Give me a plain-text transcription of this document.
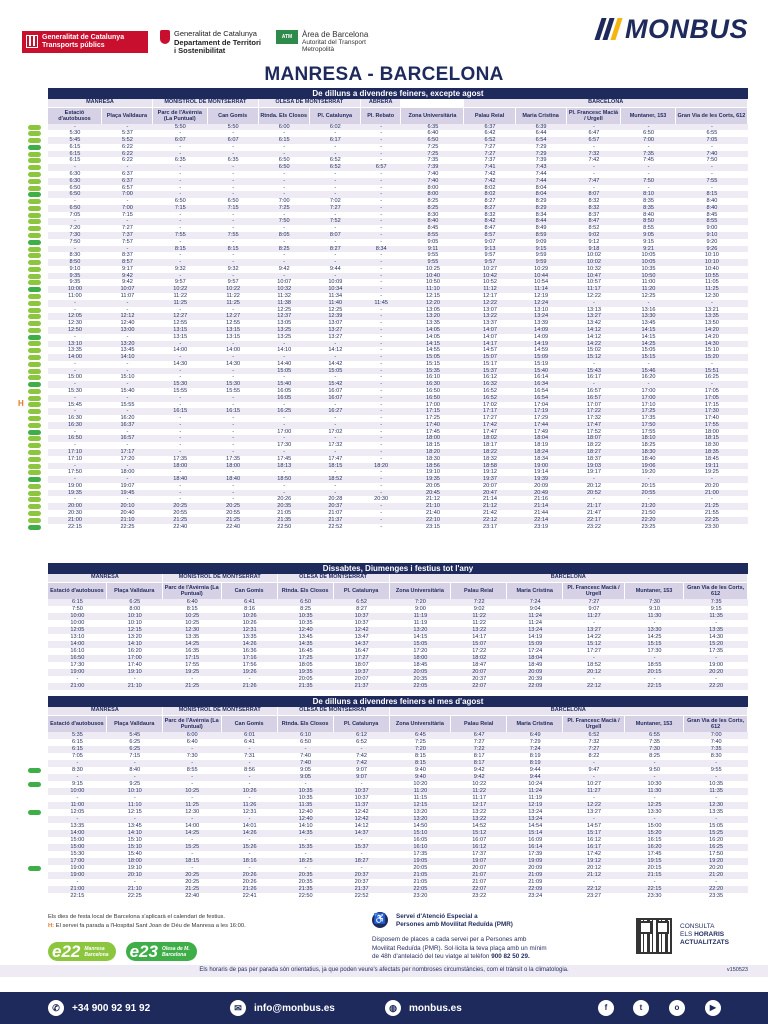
Generalitat de Catalunya
Transports públics
Generalitat de Catalunya
Departament de Territori
i Sostenibilitat
ATM	Àrea de Barcelona
Autoritat del Transport
Metropolità
MONBUS
MANRESA - BARCELONA
De dilluns a divendres feiners, excepte agost
MANRESA	MONISTROL DE MONTSERRAT	OLESA DE MONTSERRAT	ABRERA	BARCELONA
Estació d'autobusos	Plaça Valldaura	Parc de l'Avèrnia (La Puntual)	Can Gomis	Rtnda. Els Closos	Pl. Catalunya	Pl. Rebato	Zona Universitària	Palau Reial	Maria Cristina	Pl. Francesc Macià / Urgell	Muntaner, 153	Gran Via de les Corts, 612
-	-	5:50	5:50	6:00	6:02	-	6:35	6:37	6:39	-	-	-
5:30	5:37	-	-	-	-	-	6:40	6:42	6:44	6:47	6:50	6:55
5:45	5:52	6:07	6:07	6:15	6:17	-	6:50	6:52	6:54	6:57	7:00	7:05
6:15	6:22	-	-	-	-	-	7:25	7:27	7:29	-	-	-
6:15	6:22	-	-	-	-	-	7:25	7:27	7:29	7:32	7:35	7:40
6:15	6:22	6:35	6:35	6:50	6:52	-	7:35	7:37	7:39	7:42	7:45	7:50
-	-	-	-	6:50	6:52	6:57	7:39	7:41	7:43	-	-	-
6:30	6:37	-	-	-	-	-	7:40	7:42	7:44	-	-	-
6:30	6:37	-	-	-	-	-	7:40	7:42	7:44	7:47	7:50	7:55
6:50	6:57	-	-	-	-	-	8:00	8:02	8:04	-	-	-
6:50	7:00	-	-	-	-	-	8:00	8:02	8:04	8:07	8:10	8:15
-	-	6:50	6:50	7:00	7:02	-	8:25	8:27	8:29	8:32	8:35	8:40
6:50	7:00	7:15	7:15	7:25	7:27	-	8:25	8:27	8:29	8:32	8:35	8:40
7:05	7:15	-	-	-	-	-	8:30	8:32	8:34	8:37	8:40	8:45
-	-	-	-	7:50	7:52	-	8:40	8:42	8:44	8:47	8:50	8:55
7:20	7:27	-	-	-	-	-	8:45	8:47	8:49	8:52	8:55	9:00
7:30	7:37	7:55	7:55	8:05	8:07	-	8:55	8:57	8:59	9:02	9:05	9:10
7:50	7:57	-	-	-	-	-	9:05	9:07	9:09	9:12	9:15	9:20
-	-	8:15	8:15	8:25	8:27	8:34	9:11	9:13	9:15	9:18	9:21	9:26
8:30	8:37	-	-	-	-	-	9:55	9:57	9:59	10:02	10:05	10:10
8:50	8:57	-	-	-	-	-	9:55	9:57	9:59	10:02	10:05	10:10
9:10	9:17	9:32	9:32	9:42	9:44	-	10:25	10:27	10:29	10:32	10:35	10:40
9:35	9:42	-	-	-	-	-	10:40	10:42	10:44	10:47	10:50	10:55
9:35	9:42	9:57	9:57	10:07	10:09	-	10:50	10:52	10:54	10:57	11:00	11:05
10:00	10:07	10:22	10:22	10:32	10:34	-	11:10	11:12	11:14	11:17	11:20	11:25
11:00	11:07	11:22	11:22	11:32	11:34	-	12:15	12:17	12:19	12:22	12:25	12:30
-	-	11:25	11:25	11:38	11:40	11:45	12:20	12:22	12:24	-	-	-
-	-	-	-	12:25	12:25	-	13:05	13:07	13:10	13:13	13:16	13:21
12:05	12:12	12:27	12:27	12:37	12:39	-	13:20	13:22	13:24	13:27	13:30	13:35
12:30	12:40	12:55	12:55	13:05	13:07	-	13:35	13:37	13:39	13:42	13:45	13:50
12:50	13:00	13:15	13:15	13:25	13:27	-	14:05	14:07	14:09	14:12	14:15	14:20
-	-	13:15	13:15	13:25	13:27	-	14:05	14:07	14:09	14:12	14:15	14:20
13:10	13:20	-	-	-	-	-	14:15	14:17	14:19	14:22	14:25	14:30
13:35	13:45	14:00	14:00	14:10	14:12	-	14:55	14:57	14:59	15:02	15:05	15:10
14:00	14:10	-	-	-	-	-	15:05	15:07	15:09	15:12	15:15	15:20
-	-	14:30	14:30	14:40	14:42	-	15:15	15:17	15:19	-	-	-
-	-	-	-	15:05	15:05	-	15:35	15:37	15:40	15:43	15:46	15:51
15:00	15:10	-	-	-	-	-	16:10	16:12	16:14	16:17	16:20	16:25
-	-	15:30	15:30	15:40	15:42	-	16:30	16:32	16:34	-	-	-
15:30	15:40	15:55	15:55	16:05	16:07	-	16:50	16:52	16:54	16:57	17:00	17:05
-	-	-	-	16:05	16:07	-	16:50	16:52	16:54	16:57	17:00	17:05
15:45	15:55	-	-	-	-	-	17:00	17:02	17:04	17:07	17:10	17:15
-	-	16:15	16:15	16:25	16:27	-	17:15	17:17	17:19	17:22	17:25	17:30
16:30	16:20	-	-	-	-	-	17:25	17:27	17:29	17:32	17:35	17:40
16:30	16:37	-	-	-	-	-	17:40	17:42	17:44	17:47	17:50	17:55
-	-	-	-	17:00	17:02	-	17:45	17:47	17:49	17:52	17:55	18:00
16:50	16:57	-	-	-	-	-	18:00	18:02	18:04	18:07	18:10	18:15
-	-	-	-	17:30	17:32	-	18:15	18:17	18:19	18:22	18:25	18:30
17:10	17:17	-	-	-	-	-	18:20	18:22	18:24	18:27	18:30	18:35
17:10	17:20	17:35	17:35	17:45	17:47	-	18:30	18:32	18:34	18:37	18:40	18:45
-	-	18:00	18:00	18:13	18:15	18:20	18:56	18:58	19:00	19:03	19:06	19:11
17:50	18:00	-	-	-	-	-	19:10	19:12	19:14	19:17	19:20	19:25
-	-	18:40	18:40	18:50	18:52	-	19:35	19:37	19:39	-	-	-
19:00	19:07	-	-	-	-	-	20:05	20:07	20:09	20:12	20:15	20:20
19:35	19:45	-	-	-	-	-	20:45	20:47	20:49	20:52	20:55	21:00
-	-	-	-	20:26	20:28	20:30	21:12	21:14	21:16	-	-	-
20:00	20:10	20:25	20:25	20:35	20:37	-	21:10	21:12	21:14	21:17	21:20	21:25
20:30	20:40	20:55	20:55	21:05	21:07	-	21:40	21:42	21:44	21:47	21:50	21:55
21:00	21:10	21:25	21:25	21:35	21:37	-	22:10	22:12	22:14	22:17	22:20	22:25
22:15	22:25	22:40	22:40	22:50	22:52	-	23:15	23:17	23:19	23:22	23:25	23:30
Dissabtes, Diumenges i festius tot l'any
MANRESA	MONISTROL DE MONTSERRAT	OLESA DE MONTSERRAT	BARCELONA
Estació d'autobusos	Plaça Valldaura	Parc de l'Avèrnia (La Puntual)	Can Gomis	Rtnda. Els Closos	Pl. Catalunya	Zona Universitària	Palau Reial	Maria Cristina	Pl. Francesc Macià / Urgell	Muntaner, 153	Gran Via de les Corts, 612
6:15	6:25	6:40	6:41	6:50	6:52	7:20	7:22	7:24	7:27	7:30	7:35
7:50	8:00	8:15	8:16	8:25	8:27	9:00	9:02	9:04	9:07	9:10	9:15
10:00	10:10	10:25	10:26	10:35	10:37	11:19	11:22	11:24	11:27	11:30	11:35
10:00	10:10	10:25	10:26	10:35	10:37	11:19	11:22	11:24	-	-	-
12:05	12:15	12:30	12:31	12:40	12:42	13:20	13:22	13:24	13:27	13:30	13:35
13:10	13:20	13:35	13:35	13:45	13:47	14:15	14:17	14:19	14:22	14:25	14:30
14:00	14:10	14:25	14:26	14:35	14:37	15:05	15:07	15:09	15:12	15:15	15:20
16:10	16:20	16:35	16:36	16:45	16:47	17:20	17:22	17:24	17:27	17:30	17:35
16:50	17:00	17:15	17:16	17:25	17:27	18:00	18:02	18:04	-	-	-
17:30	17:40	17:55	17:56	18:05	18:07	18:45	18:47	18:49	18:52	18:55	19:00
19:00	19:10	19:25	19:26	19:35	19:37	20:05	20:07	20:09	20:12	20:15	20:20
-	-	-	-	20:05	20:07	20:35	20:37	20:39	-	-	-
21:00	21:10	21:25	21:26	21:35	21:37	22:05	22:07	22:09	22:12	22:15	22:20
De dilluns a divendres feiners el mes d'agost
MANRESA	MONISTROL DE MONTSERRAT	OLESA DE MONTSERRAT	BARCELONA
Estació d'autobusos	Plaça Valldaura	Parc de l'Avèrnia (La Puntual)	Can Gomis	Rtnda. Els Closos	Pl. Catalunya	Zona Universitària	Palau Reial	Maria Cristina	Pl. Francesc Macià / Urgell	Muntaner, 153	Gran Via de les Corts, 612
5:35	5:45	6:00	6:01	6:10	6:12	6:45	6:47	6:49	6:52	6:55	7:00
6:15	6:25	6:40	6:41	6:50	6:52	7:25	7:27	7:29	7:32	7:35	7:40
6:15	6:25	-	-	-	-	7:20	7:22	7:24	7:27	7:30	7:35
7:05	7:15	7:30	7:31	7:40	7:42	8:15	8:17	8:19	8:22	8:25	8:30
-	-	-	-	7:40	7:42	8:15	8:17	8:19	-	-	-
8:30	8:40	8:55	8:56	9:05	9:07	9:40	9:42	9:44	9:47	9:50	9:55
-	-	-	-	9:05	9:07	9:40	9:42	9:44	-	-	-
9:15	9:25	-	-	-	-	10:20	10:22	10:24	10:27	10:30	10:35
10:00	10:10	10:25	10:26	10:35	10:37	11:20	11:22	11:24	11:27	11:30	11:35
-	-	-	-	10:35	10:37	11:15	11:17	11:19	-	-	-
11:00	11:10	11:25	11:26	11:35	11:37	12:15	12:17	12:19	12:22	12:25	12:30
12:05	12:15	12:30	12:31	12:40	12:42	13:20	13:22	13:24	13:27	13:30	13:35
-	-	-	-	12:40	12:42	13:20	13:22	13:24	-	-	-
13:35	13:45	14:00	14:01	14:10	14:12	14:50	14:52	14:54	14:57	15:00	15:05
14:00	14:10	14:25	14:26	14:35	14:37	15:10	15:12	15:14	15:17	15:20	15:25
15:00	15:10	-	-	-	-	16:05	16:07	16:09	16:12	16:15	16:20
15:00	15:10	15:25	15:26	15:35	15:37	16:10	16:12	16:14	16:17	16:20	16:25
15:30	15:40	-	-	-	-	17:35	17:37	17:39	17:42	17:45	17:50
17:00	18:00	18:15	18:16	18:25	18:27	19:05	19:07	19:09	19:12	19:15	19:20
19:00	19:10	-	-	-	-	20:05	20:07	20:09	20:12	20:15	20:20
19:00	20:10	20:25	20:26	20:35	20:37	21:05	21:07	21:09	21:12	21:15	21:20
-	-	20:25	20:26	20:35	20:37	21:05	21:07	21:09	-	-	-
21:00	21:10	21:25	21:26	21:35	21:37	22:05	22:07	22:09	22:12	22:15	22:20
22:15	22:25	22:40	22:41	22:50	22:52	23:20	23:22	23:24	23:27	23:30	23:35
H
Els dies de festa local de Barcelona s'aplicarà el calendari de festius.
H: El servei fa parada a l'Hospital Sant Joan de Déu de Manresa a les 16:00.
e22 Manresa
Barcelona e23 Olesa de M.
Barcelona
♿ Servei d'Atenció Especial a
Persones amb Movilitat Reduïda (PMR)
Disposem de places a cada servei per a Persones amb
Movilitat Reduïda (PMR). Sol·licita la teva plaça amb un mínim
de 48h d'antelació del teu viatge al telèfon 900 82 50 29.
CONSULTA
ELS HORARIS
ACTUALITZATS
Els horaris de pas per parada són orientatius, ja que poden veure's afectats per nombroses circumstàncies, com el trànsit o la climatologia.	v150523
✆	+34 900 92 91 92	✉	info@monbus.es	◍	monbus.es	f	t	o	▶
